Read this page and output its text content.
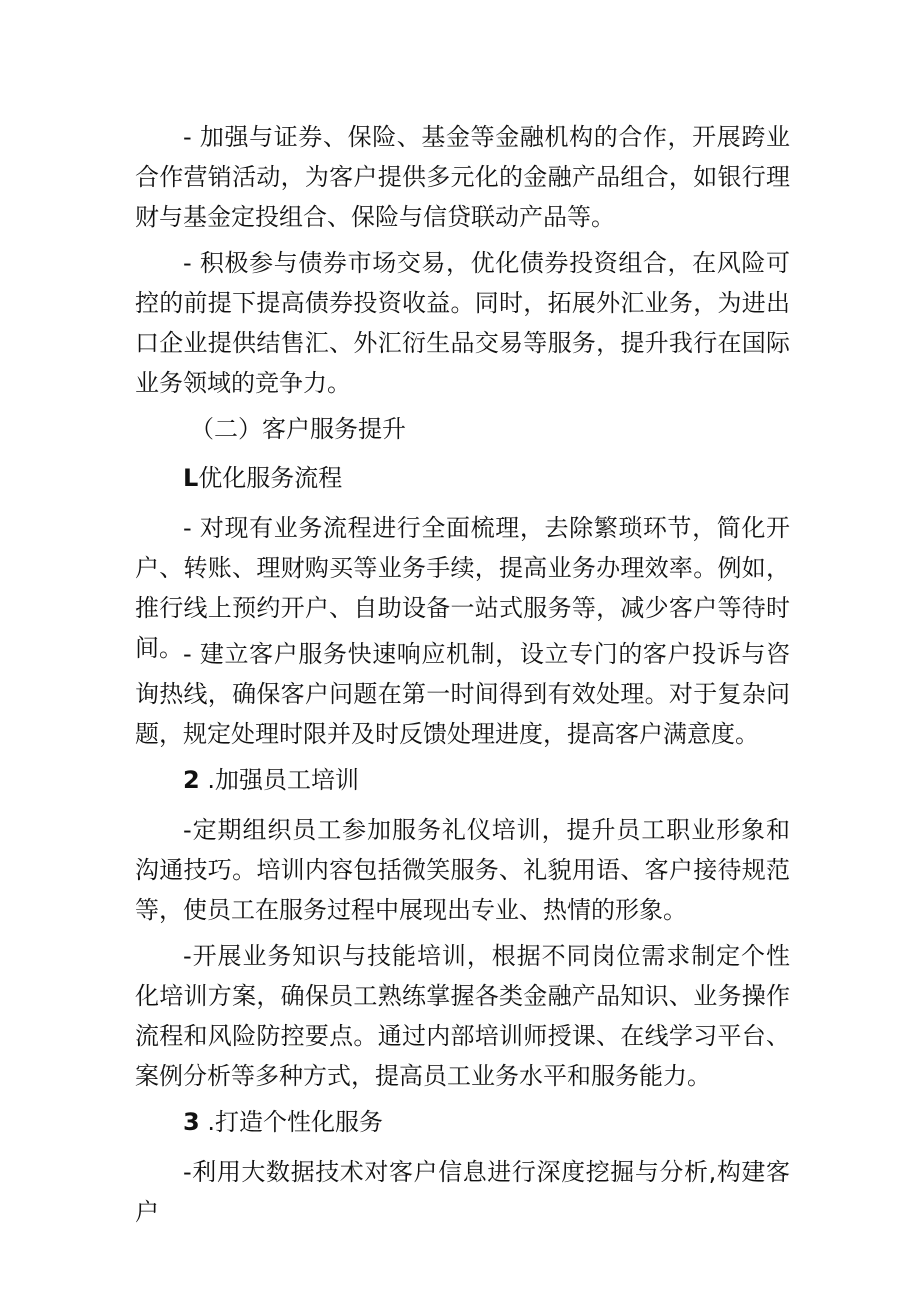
- 加强与证券、保险、基金等金融机构的合作，开展跨业合作营销活动，为客户提供多元化的金融产品组合，如银行理财与基金定投组合、保险与信贷联动产品等。

- 积极参与债券市场交易，优化债券投资组合，在风险可控的前提下提高债券投资收益。同时，拓展外汇业务，为进出口企业提供结售汇、外汇衍生品交易等服务，提升我行在国际业务领域的竞争力。

（二）客户服务提升
L优化服务流程

- 对现有业务流程进行全面梳理，去除繁琐环节，简化开户、转账、理财购买等业务手续，提高业务办理效率。例如，推行线上预约开户、自助设备一站式服务等，减少客户等待时间。 - 建立客户服务快速响应机制，设立专门的客户投诉与咨询热线，确保客户问题在第一时间得到有效处理。对于复杂问题，规定处理时限并及时反馈处理进度，提高客户满意度。

2 .加强员工培训

-定期组织员工参加服务礼仪培训，提升员工职业形象和沟通技巧。培训内容包括微笑服务、礼貌用语、客户接待规范等，使员工在服务过程中展现出专业、热情的形象。

-开展业务知识与技能培训，根据不同岗位需求制定个性化培训方案，确保员工熟练掌握各类金融产品知识、业务操作流程和风险防控要点。通过内部培训师授课、在线学习平台、案例分析等多种方式，提高员工业务水平和服务能力。

3 .打造个性化服务

-利用大数据技术对客户信息进行深度挖掘与分析,构建客户
